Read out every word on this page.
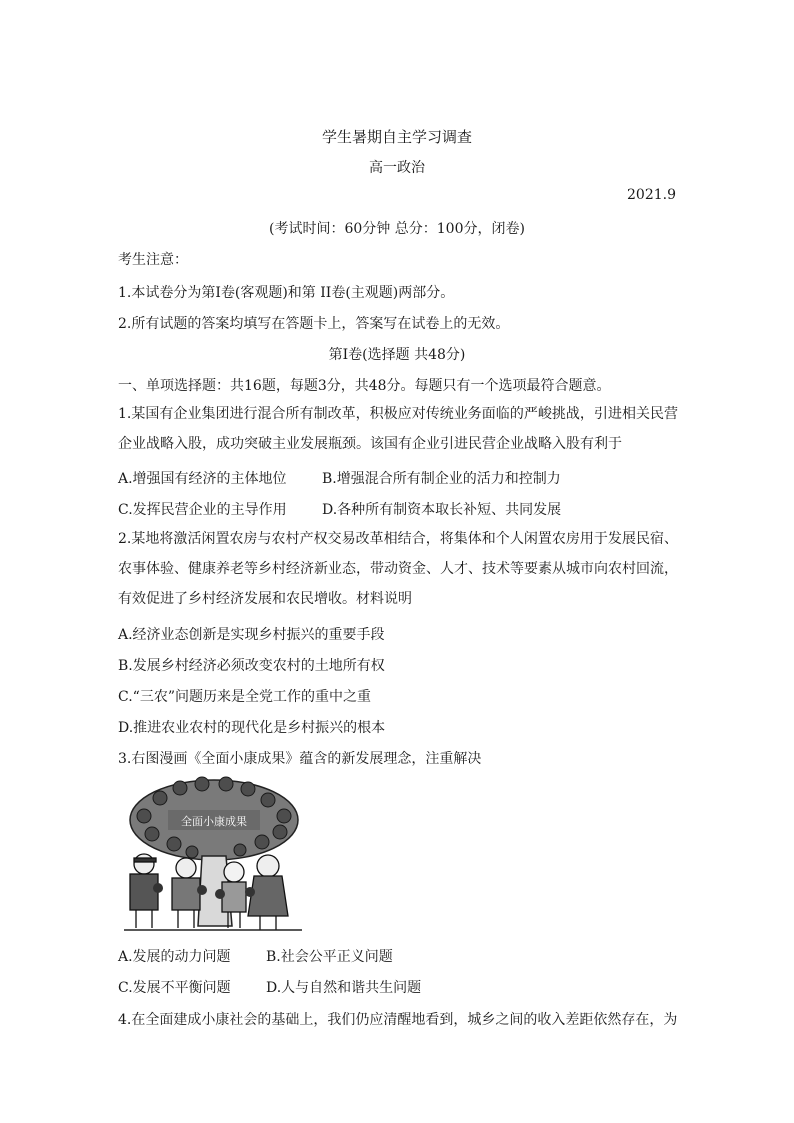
学生暑期自主学习调查
高一政治
2021.9
(考试时间：60分钟 总分：100分，闭卷)
考生注意：
1.本试卷分为第Ⅰ卷(客观题)和第 II卷(主观题)两部分。
2.所有试题的答案均填写在答题卡上，答案写在试卷上的无效。
第Ⅰ卷(选择题 共48分)
一、单项选择题：共16题，每题3分，共48分。每题只有一个选项最符合题意。
1.某国有企业集团进行混合所有制改革，积极应对传统业务面临的严峻挑战，引进相关民营企业战略入股，成功突破主业发展瓶颈。该国有企业引进民营企业战略入股有利于
A.增强国有经济的主体地位	B.增强混合所有制企业的活力和控制力
C.发挥民营企业的主导作用	D.各种所有制资本取长补短、共同发展
2.某地将激活闲置农房与农村产权交易改革相结合，将集体和个人闲置农房用于发展民宿、农事体验、健康养老等乡村经济新业态，带动资金、人才、技术等要素从城市向农村回流，有效促进了乡村经济发展和农民增收。材料说明
A.经济业态创新是实现乡村振兴的重要手段
B.发展乡村经济必须改变农村的土地所有权
C.“三农”问题历来是全党工作的重中之重
D.推进农业农村的现代化是乡村振兴的根本
3.右图漫画《全面小康成果》蕴含的新发展理念，注重解决
全面小康成果
A.发展的动力问题	B.社会公平正义问题
C.发展不平衡问题	D.人与自然和谐共生问题
4.在全面建成小康社会的基础上，我们仍应清醒地看到，城乡之间的收入差距依然存在，为
